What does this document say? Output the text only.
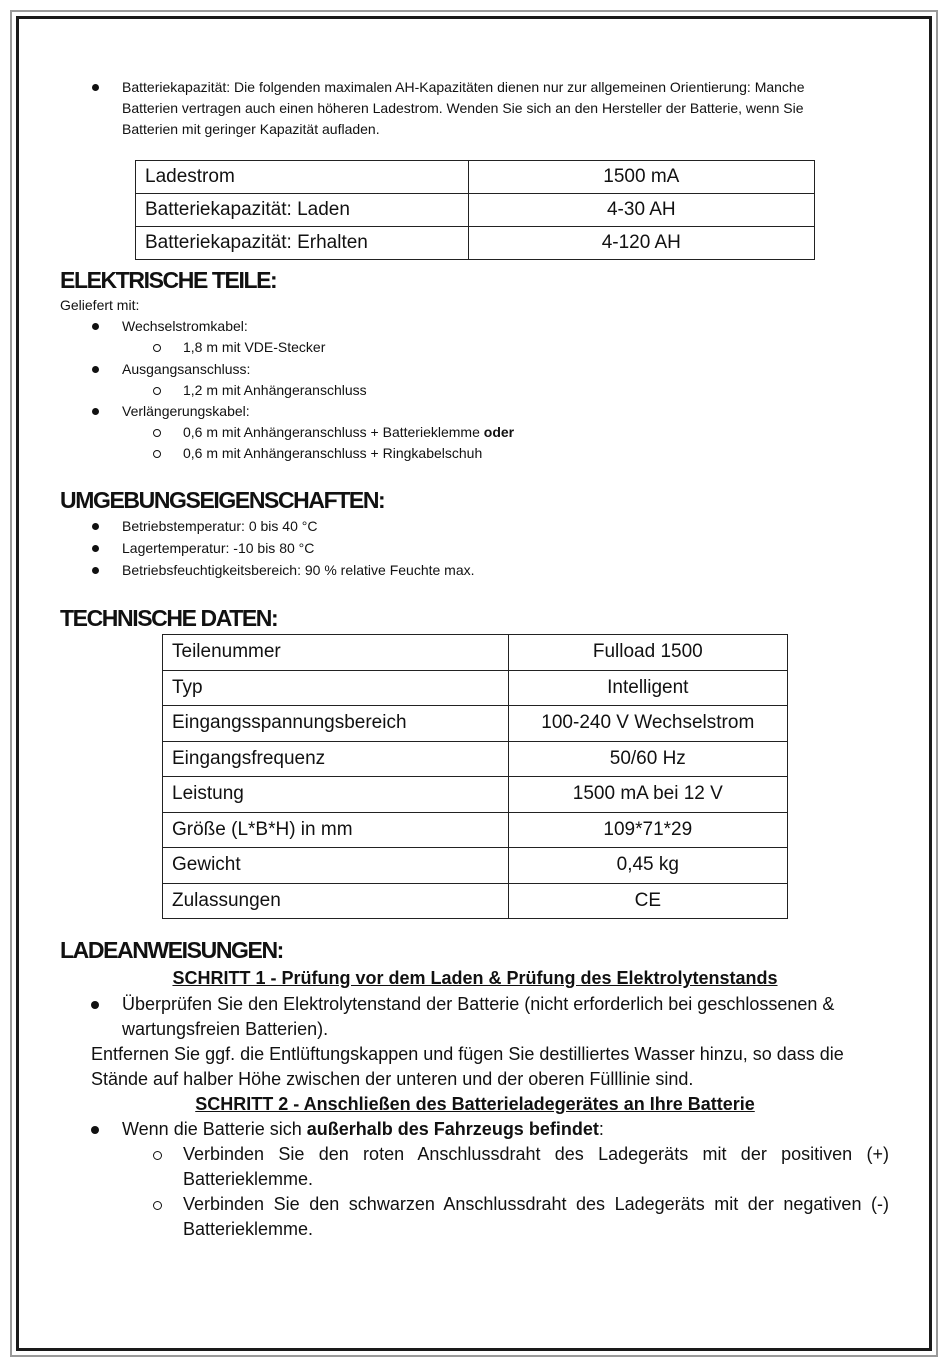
Batteriekapazität: Die folgenden maximalen AH-Kapazitäten dienen nur zur allgemeinen Orientierung: Manche
Batterien vertragen auch einen höheren Ladestrom. Wenden Sie sich an den Hersteller der Batterie, wenn Sie
Batterien mit geringer Kapazität aufladen.
Ladestrom	1500 mA
Batteriekapazität: Laden	4-30 AH
Batteriekapazität: Erhalten	4-120 AH
ELEKTRISCHE TEILE:
Geliefert mit:
Wechselstromkabel:
1,8 m mit VDE-Stecker
Ausgangsanschluss:
1,2 m mit Anhängeranschluss
Verlängerungskabel:
0,6 m mit Anhängeranschluss + Batterieklemme oder
0,6 m mit Anhängeranschluss + Ringkabelschuh
UMGEBUNGSEIGENSCHAFTEN:
Betriebstemperatur: 0 bis 40 °C
Lagertemperatur: -10 bis 80 °C
Betriebsfeuchtigkeitsbereich: 90 % relative Feuchte max.
TECHNISCHE DATEN:
Teilenummer	Fulload 1500
Typ	Intelligent
Eingangsspannungsbereich	100-240 V Wechselstrom
Eingangsfrequenz	50/60 Hz
Leistung	1500 mA bei 12 V
Größe (L*B*H) in mm	109*71*29
Gewicht	0,45 kg
Zulassungen	CE
LADEANWEISUNGEN:
SCHRITT 1 - Prüfung vor dem Laden & Prüfung des Elektrolytenstands
Überprüfen Sie den Elektrolytenstand der Batterie (nicht erforderlich bei geschlossenen &
wartungsfreien Batterien).
Entfernen Sie ggf. die Entlüftungskappen und fügen Sie destilliertes Wasser hinzu, so dass die
Stände auf halber Höhe zwischen der unteren und der oberen Fülllinie sind.
SCHRITT 2 - Anschließen des Batterieladegerätes an Ihre Batterie
Wenn die Batterie sich außerhalb des Fahrzeugs befindet:
Verbinden Sie den roten Anschlussdraht des Ladegeräts mit der positiven (+)
Batterieklemme.
Verbinden Sie den schwarzen Anschlussdraht des Ladegeräts mit der negativen (-)
Batterieklemme.
